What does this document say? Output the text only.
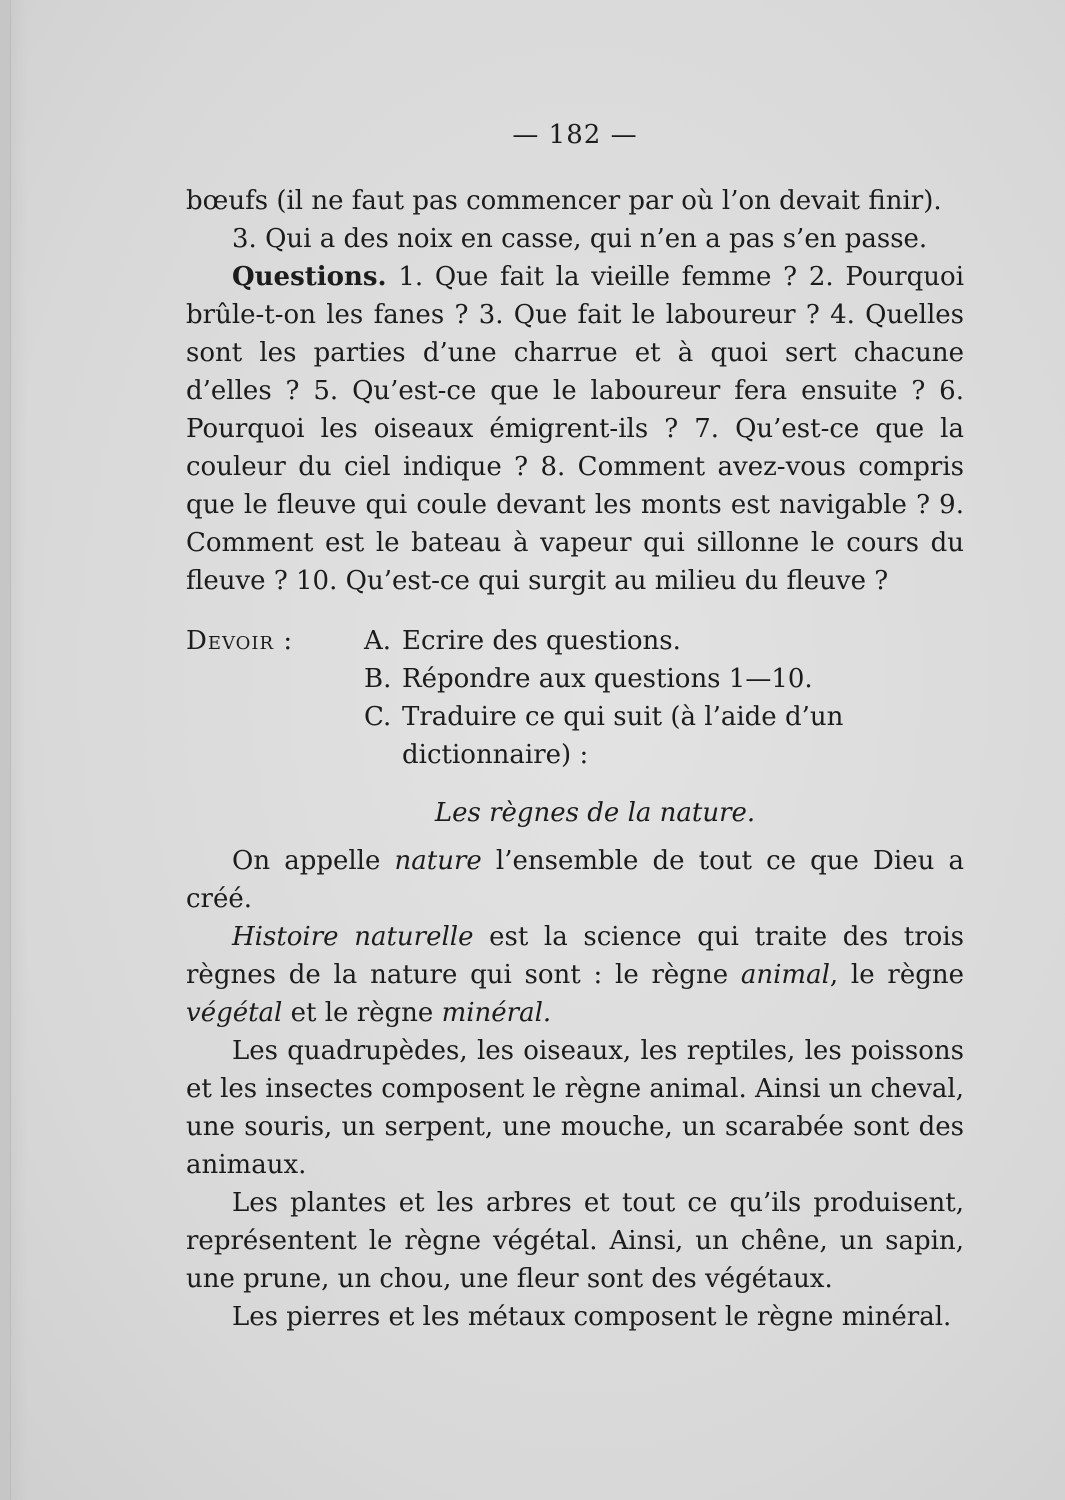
— 182 —

bœufs (il ne faut pas commencer par où l’on devait finir).

3. Qui a des noix en casse, qui n’en a pas s’en passe.

Questions. 1. Que fait la vieille femme ? 2. Pourquoi brûle-t-on les fanes ? 3. Que fait le laboureur ? 4. Quelles sont les parties d’une charrue et à quoi sert chacune d’elles ? 5. Qu’est-ce que le laboureur fera ensuite ? 6. Pourquoi les oiseaux émigrent-ils ? 7. Qu’est-ce que la couleur du ciel indique ? 8. Comment avez-vous compris que le fleuve qui coule devant les monts est navigable ? 9. Comment est le bateau à vapeur qui sillonne le cours du fleuve ? 10. Qu’est-ce qui surgit au milieu du fleuve ?

Devoir :	A. Ecrire des questions.
B. Répondre aux questions 1—10.
C. Traduire ce qui suit (à l’aide d’un dictionnaire) :
Les règnes de la nature.

On appelle nature l’ensemble de tout ce que Dieu a créé.

Histoire naturelle est la science qui traite des trois règnes de la nature qui sont : le règne animal, le règne végétal et le règne minéral.

Les quadrupèdes, les oiseaux, les reptiles, les poissons et les insectes composent le règne animal. Ainsi un cheval, une souris, un serpent, une mouche, un scarabée sont des animaux.

Les plantes et les arbres et tout ce qu’ils produisent, représentent le règne végétal. Ainsi, un chêne, un sapin, une prune, un chou, une fleur sont des végétaux.

Les pierres et les métaux composent le règne minéral.
